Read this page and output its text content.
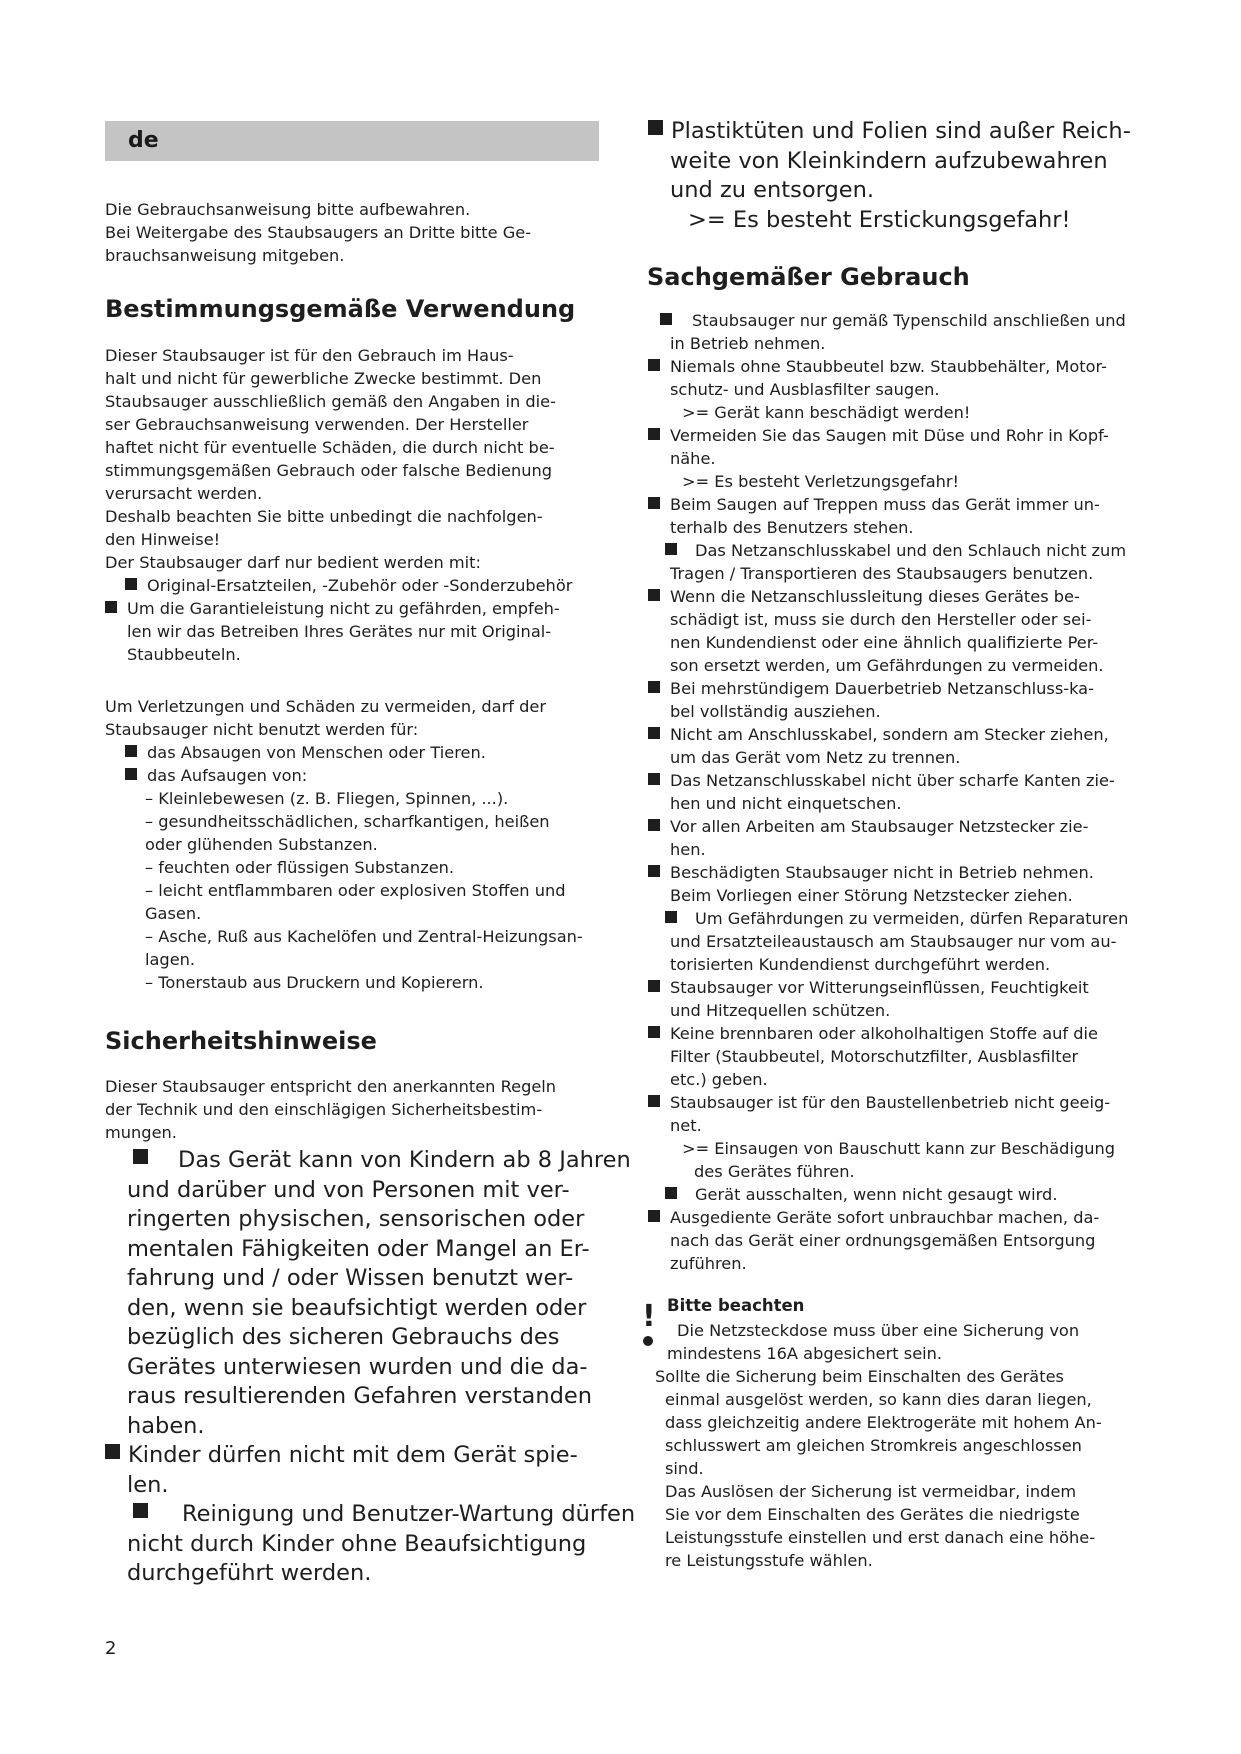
de
Die Gebrauchsanweisung bitte aufbewahren.
Bei Weitergabe des Staubsaugers an Dritte bitte Ge-
brauchsanweisung mitgeben.
Bestimmungsgemäße Verwendung
Dieser Staubsauger ist für den Gebrauch im Haus-
halt und nicht für gewerbliche Zwecke bestimmt. Den
Staubsauger ausschließlich gemäß den Angaben in die-
ser Gebrauchsanweisung verwenden. Der Hersteller
haftet nicht für eventuelle Schäden, die durch nicht be-
stimmungsgemäßen Gebrauch oder falsche Bedienung
verursacht werden.
Deshalb beachten Sie bitte unbedingt die nachfolgen-
den Hinweise!
Der Staubsauger darf nur bedient werden mit:
Original-Ersatzteilen, -Zubehör oder -Sonderzubehör
Um die Garantieleistung nicht zu gefährden, empfeh-
len wir das Betreiben Ihres Gerätes nur mit Original-
Staubbeuteln.
Um Verletzungen und Schäden zu vermeiden, darf der
Staubsauger nicht benutzt werden für:
das Absaugen von Menschen oder Tieren.
das Aufsaugen von:
– Kleinlebewesen (z. B. Fliegen, Spinnen, ...).
– gesundheitsschädlichen, scharfkantigen, heißen
oder glühenden Substanzen.
– feuchten oder flüssigen Substanzen.
– leicht entflammbaren oder explosiven Stoffen und
Gasen.
– Asche, Ruß aus Kachelöfen und Zentral-Heizungsan-
lagen.
– Tonerstaub aus Druckern und Kopierern.
Sicherheitshinweise
Dieser Staubsauger entspricht den anerkannten Regeln
der Technik und den einschlägigen Sicherheitsbestim-
mungen.
Das Gerät kann von Kindern ab 8 Jahren
und darüber und von Personen mit ver-
ringerten physischen, sensorischen oder
mentalen Fähigkeiten oder Mangel an Er-
fahrung und / oder Wissen benutzt wer-
den, wenn sie beaufsichtigt werden oder
bezüglich des sicheren Gebrauchs des
Gerätes unterwiesen wurden und die da-
raus resultierenden Gefahren verstanden
haben.
Kinder dürfen nicht mit dem Gerät spie-
len.
Reinigung und Benutzer-Wartung dürfen
nicht durch Kinder ohne Beaufsichtigung
durchgeführt werden.
2
Plastiktüten und Folien sind außer Reich-
weite von Kleinkindern aufzubewahren
und zu entsorgen.
>= Es besteht Erstickungsgefahr!
Sachgemäßer Gebrauch
Staubsauger nur gemäß Typenschild anschließen und
in Betrieb nehmen.
Niemals ohne Staubbeutel bzw. Staubbehälter, Motor-
schutz- und Ausblasfilter saugen.
>= Gerät kann beschädigt werden!
Vermeiden Sie das Saugen mit Düse und Rohr in Kopf-
nähe.
>= Es besteht Verletzungsgefahr!
Beim Saugen auf Treppen muss das Gerät immer un-
terhalb des Benutzers stehen.
Das Netzanschlusskabel und den Schlauch nicht zum
Tragen / Transportieren des Staubsaugers benutzen.
Wenn die Netzanschlussleitung dieses Gerätes be-
schädigt ist, muss sie durch den Hersteller oder sei-
nen Kundendienst oder eine ähnlich qualifizierte Per-
son ersetzt werden, um Gefährdungen zu vermeiden.
Bei mehrstündigem Dauerbetrieb Netzanschluss-ka-
bel vollständig ausziehen.
Nicht am Anschlusskabel, sondern am Stecker ziehen,
um das Gerät vom Netz zu trennen.
Das Netzanschlusskabel nicht über scharfe Kanten zie-
hen und nicht einquetschen.
Vor allen Arbeiten am Staubsauger Netzstecker zie-
hen.
Beschädigten Staubsauger nicht in Betrieb nehmen.
Beim Vorliegen einer Störung Netzstecker ziehen.
Um Gefährdungen zu vermeiden, dürfen Reparaturen
und Ersatzteileaustausch am Staubsauger nur vom au-
torisierten Kundendienst durchgeführt werden.
Staubsauger vor Witterungseinflüssen, Feuchtigkeit
und Hitzequellen schützen.
Keine brennbaren oder alkoholhaltigen Stoffe auf die
Filter (Staubbeutel, Motorschutzfilter, Ausblasfilter
etc.) geben.
Staubsauger ist für den Baustellenbetrieb nicht geeig-
net.
>= Einsaugen von Bauschutt kann zur Beschädigung
des Gerätes führen.
Gerät ausschalten, wenn nicht gesaugt wird.
Ausgediente Geräte sofort unbrauchbar machen, da-
nach das Gerät einer ordnungsgemäßen Entsorgung
zuführen.
! Bitte beachten
Die Netzsteckdose muss über eine Sicherung von
mindestens 16A abgesichert sein.
Sollte die Sicherung beim Einschalten des Gerätes
einmal ausgelöst werden, so kann dies daran liegen,
dass gleichzeitig andere Elektrogeräte mit hohem An-
schlusswert am gleichen Stromkreis angeschlossen
sind.
Das Auslösen der Sicherung ist vermeidbar, indem
Sie vor dem Einschalten des Gerätes die niedrigste
Leistungsstufe einstellen und erst danach eine höhe-
re Leistungsstufe wählen.
